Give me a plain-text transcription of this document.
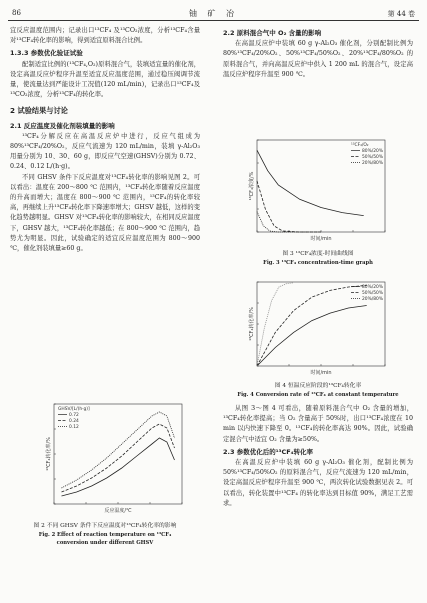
86	铀 矿 冶	第 44 卷

宜反应温度范围内；记录出口¹³CF₄ 及¹³CO₂浓度，分析¹³CF₄含量对¹³CF₄转化率的影响，得到适宜原料混合比例。

1.3.3 参数优化验证试验

配制适宜比例的(¹³CF₄,O₂)原料混合气，装填适宜量的催化剂，设定高温反应炉程序升温至适宜反应温度范围，通过稳压阀调节流量，使流量达到严能设计工况值(120 mL/min)，记录出口¹³CF₄及¹³CO₂浓度，分析¹³CF₄的转化率。

2 试验结果与讨论
2.1 反应温度及催化剂装填量的影响

¹³CF₄分解反应在高温反应炉中进行，反应气组成为 80%¹³CF₄/20%O₂，反应气流速为 120 mL/min，装填 γ-Al₂O₃ 用量分别为 10、30、60 g，即反应气空速(GHSV)分别为 0.72、0.24、0.12 L/(h·g)。

不同 GHSV 条件下反应温度对¹³CF₄转化率的影响见图 2。可以看出：温度在 200～800 ℃ 范围内，¹³CF₄转化率随着反应温度的升高而增大；温度在 800～900 ℃ 范围内，¹³CF₄的转化率较高，再继续上升¹³CF₄转化率下降速率增大；GHSV 越低，这样的变化趋势越明显。GHSV 对¹³CF₄转化率的影响较大，在相同反应温度下，GHSV 越大，¹³CF₄转化率越低；在 800～900 ℃ 范围内，趋势尤为明显。因此，试验确定的适宜反应温度范围为 800～900 ℃，催化剂装填量≥60 g。

反应温度/℃
¹³CF₄转化率/%
GHSV/[L/(h·g)]
0.72
0.24
0.12
图 2 不同 GHSV 条件下反应温度对¹³CF₄转化率的影响
Fig. 2 Effect of reaction temperature on ¹³CF₄
conversion under different GHSV
2.2 原料混合气中 O₂ 含量的影响

在高温反应炉中装填 60 g γ-Al₂O₃ 催化剂，分别配制比例为 80%¹³CF₄/20%O₂、50%¹³CF₄/50%O₂、20%¹³CF₄/80%O₂ 的原料混合气，并向高温反应炉中供入 1 200 mL 的混合气，设定高温反应炉程序升温至 900 ℃。

时间/min
¹³CF₄浓度/%
¹³CF₄/O₂
80%/20%
50%/50%
20%/80%
图 3 ¹³CF₄浓度-时间曲线图
Fig. 3 ¹³CF₄ concentration-time graph
时间/min
¹³CF₄转化率/%
80%/20%
50%/50%
20%/80%
图 4 恒温反应阶段的¹³CF₄转化率
Fig. 4 Conversion rate of ¹³CF₄ at constant temperature

从图 3～图 4 可看出，随着原料混合气中 O₂ 含量的增加，¹³CF₄转化率提高；当 O₂ 含量高于 50%时，出口¹³CF₄浓度在 10 min 以内快速下降至 0。¹³CF₄的转化率高达 90%。因此，试验确定混合气中适宜 O₂ 含量为≥50%。

2.3 参数优化后的¹³CF₄转化率

在高温反应炉中装填 60 g γ-Al₂O₃ 催化剂，配制比例为 50%¹³CF₄/50%O₂ 的原料混合气，反应气流速为 120 mL/min，设定高温反应炉程序升温至 900 ℃，两次转化试验数据见表 2。可以看出，转化装置中¹³CF₄ 的转化率达到目标值 90%，满足工艺需求。
